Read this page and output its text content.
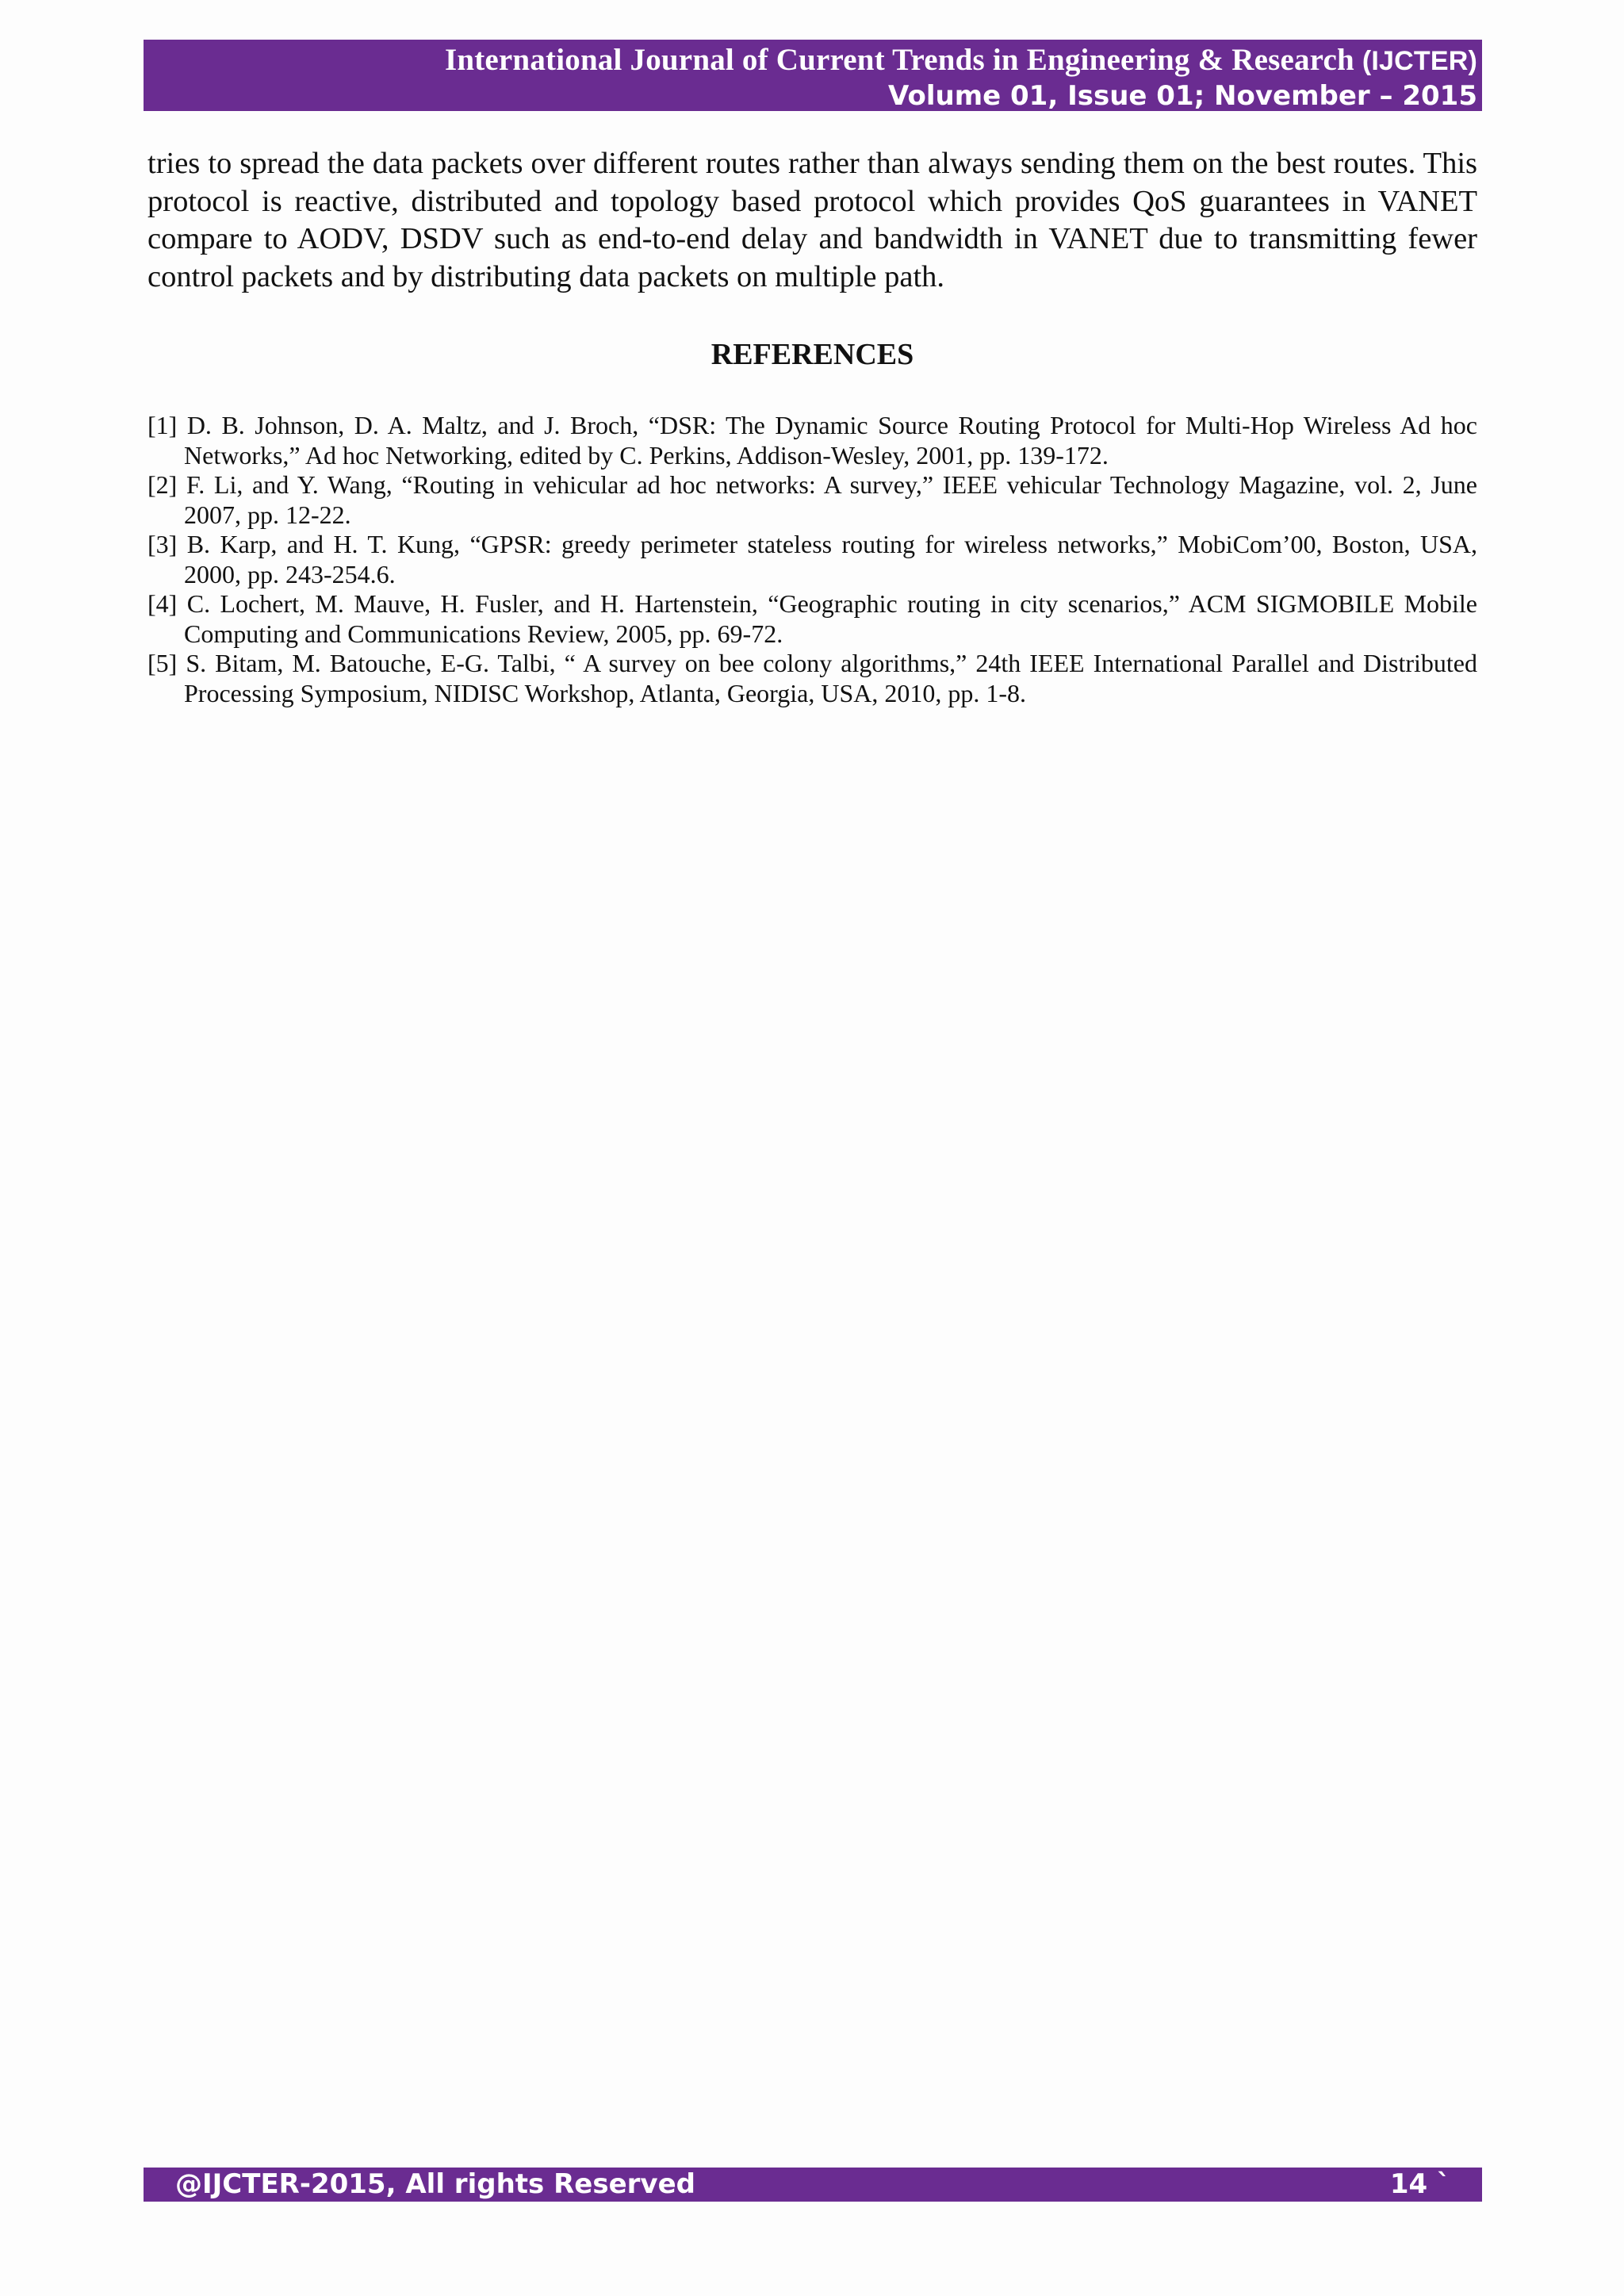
International Journal of Current Trends in Engineering & Research (IJCTER)
Volume 01, Issue 01; November – 2015

tries to spread the data packets over different routes rather than always sending them on the best routes. This protocol is reactive, distributed and topology based protocol which provides QoS guarantees in VANET compare to AODV, DSDV such as end-to-end delay and bandwidth in VANET due to transmitting fewer control packets and by distributing data packets on multiple path.

REFERENCES
[1] D. B. Johnson, D. A. Maltz, and J. Broch, “DSR: The Dynamic Source Routing Protocol for Multi-Hop Wireless Ad hoc Networks,” Ad hoc Networking, edited by C. Perkins, Addison-Wesley, 2001, pp. 139-172.
[2] F. Li, and Y. Wang, “Routing in vehicular ad hoc networks: A survey,” IEEE vehicular Technology Magazine, vol. 2, June 2007, pp. 12-22.
[3] B. Karp, and H. T. Kung, “GPSR: greedy perimeter stateless routing for wireless networks,” MobiCom’00, Boston, USA, 2000, pp. 243-254.6.
[4] C. Lochert, M. Mauve, H. Fusler, and H. Hartenstein, “Geographic routing in city scenarios,” ACM SIGMOBILE Mobile Computing and Communications Review, 2005, pp. 69-72.
[5] S. Bitam, M. Batouche, E-G. Talbi, “ A survey on bee colony algorithms,” 24th IEEE International Parallel and Distributed Processing Symposium, NIDISC Workshop, Atlanta, Georgia, USA, 2010, pp. 1-8.
@IJCTER-2015, All rights Reserved	14 `
